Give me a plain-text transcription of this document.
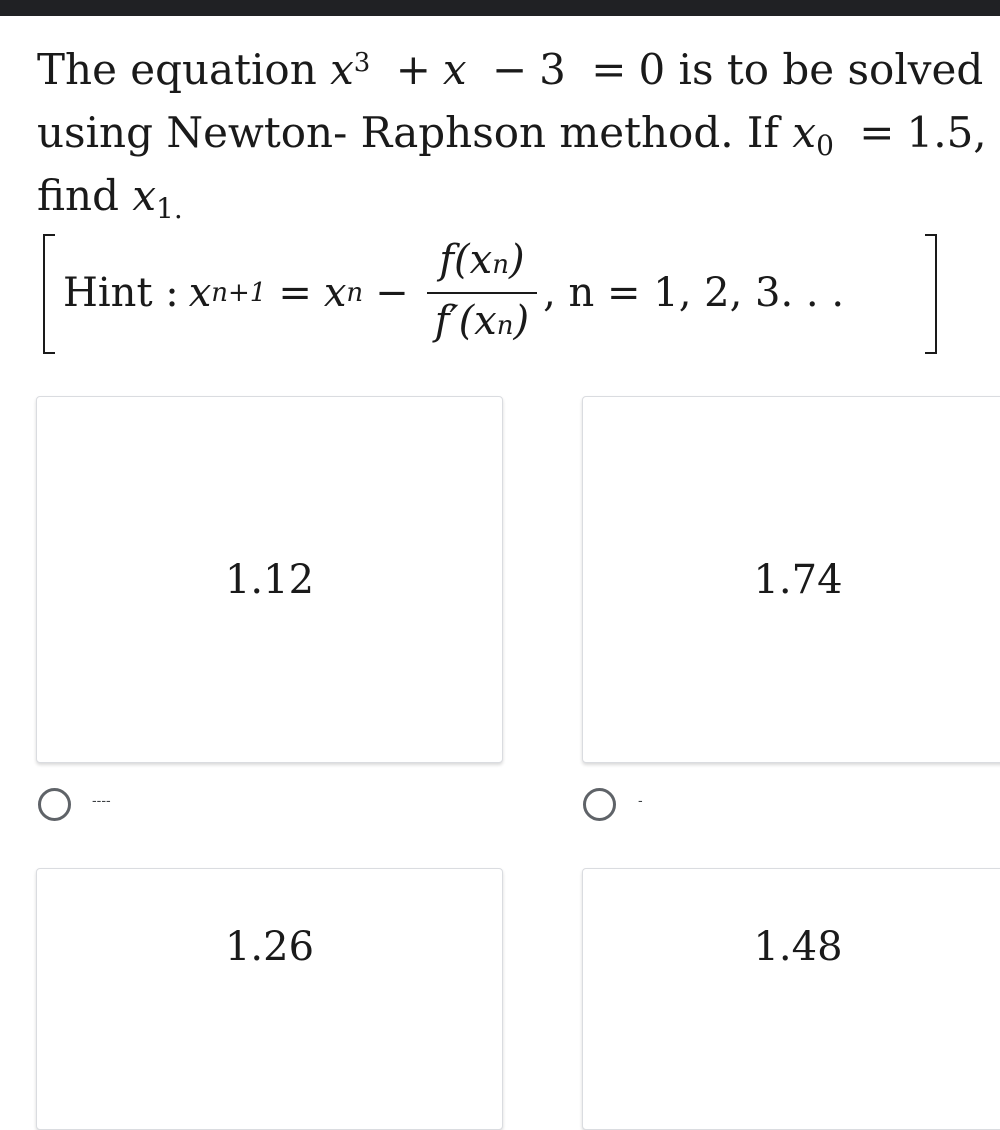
The equation $x^3 + x - 3 = 0$ is to be solved
using Newton- Raphson method. If $x_0 = 1.5$,
find $x_{1.}$
Hint : x n+1 = x $n - \frac{f(xn)}{f'(xn)}$ , n = 1, 2, 3. . .
1.12	1.74
----	-
1.26	1.48
